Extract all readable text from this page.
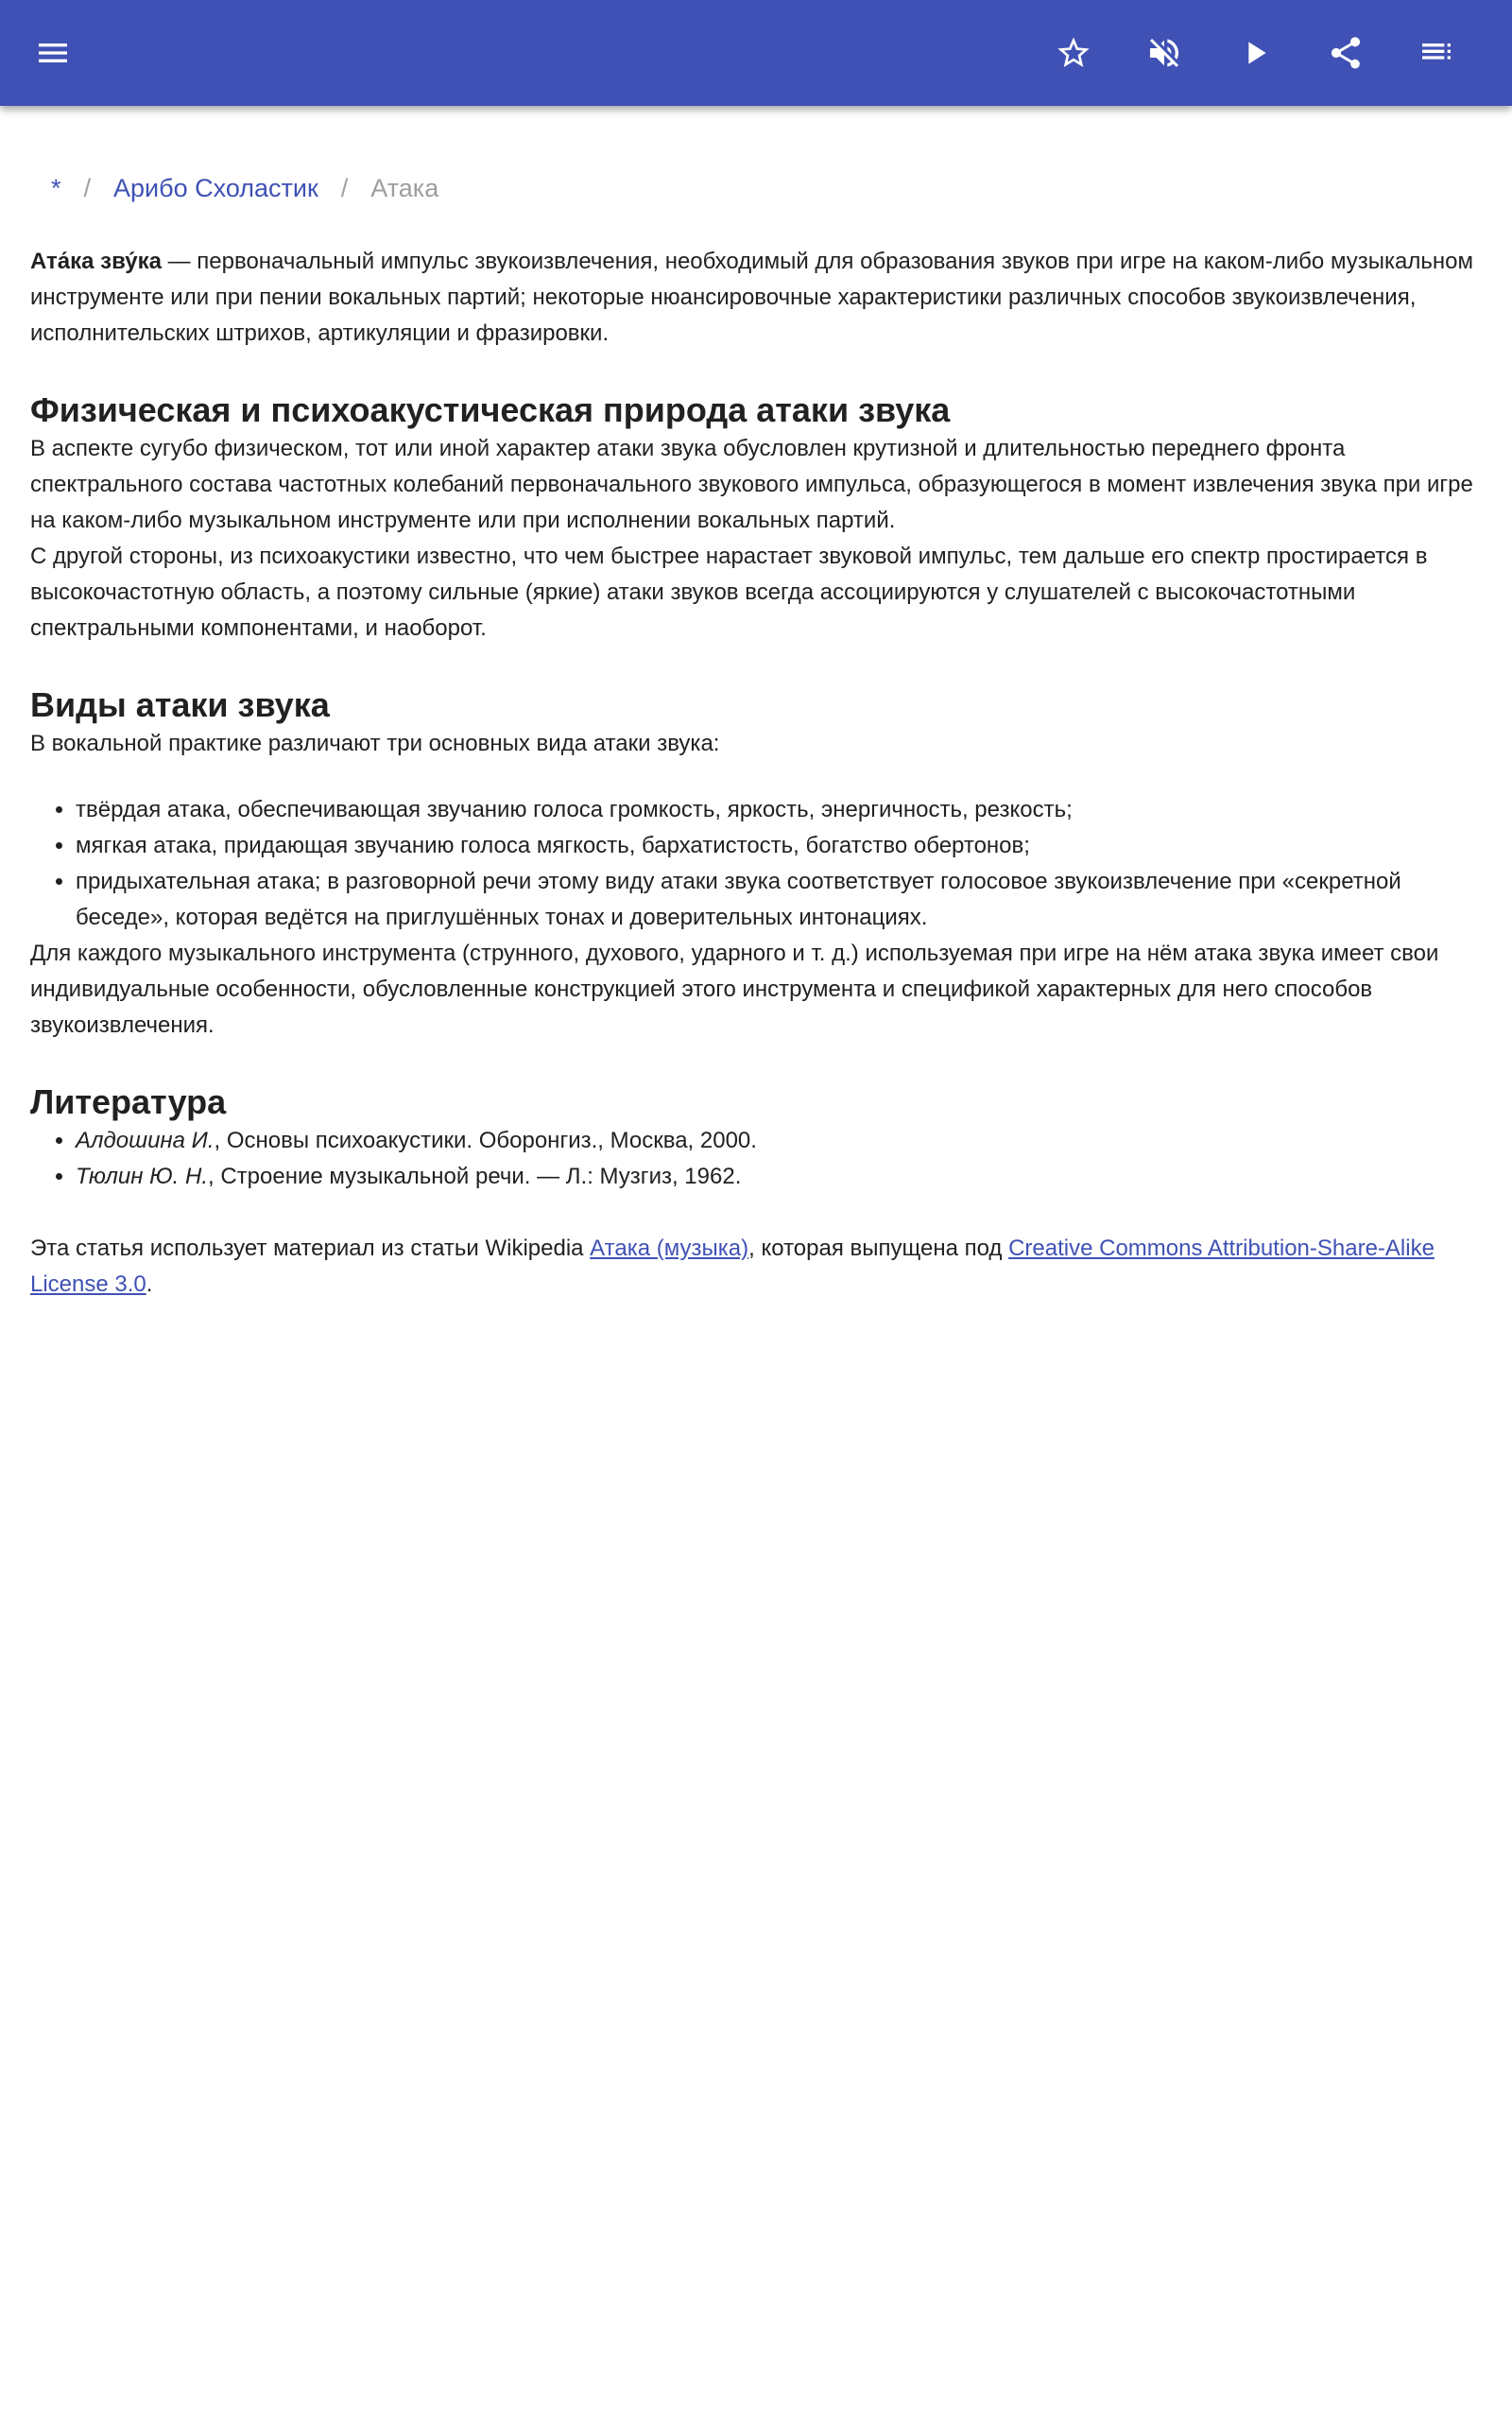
* / Арибо Схоластик / Атака

Ата́ка зву́ка — первоначальный импульс звукоизвлечения, необходимый для образования звуков при игре на каком-либо музыкальном инструменте или при пении вокальных партий; некоторые нюансировочные характеристики различных способов звукоизвлечения, исполнительских штрихов, артикуляции и фразировки.

Физическая и психоакустическая природа атаки звука

В аспекте сугубо физическом, тот или иной характер атаки звука обусловлен крутизной и длительностью переднего фронта спектрального состава частотных колебаний первоначального звукового импульса, образующегося в момент извлечения звука при игре на каком-либо музыкальном инструменте или при исполнении вокальных партий.

С другой стороны, из психоакустики известно, что чем быстрее нарастает звуковой импульс, тем дальше его спектр простирается в высокочастотную область, а поэтому сильные (яркие) атаки звуков всегда ассоциируются у слушателей с высокочастотными спектральными компонентами, и наоборот.

Виды атаки звука

В вокальной практике различают три основных вида атаки звука:

• твёрдая атака, обеспечивающая звучанию голоса громкость, яркость, энергичность, резкость;
• мягкая атака, придающая звучанию голоса мягкость, бархатистость, богатство обертонов;
• придыхательная атака; в разговорной речи этому виду атаки звука соответствует голосовое звукоизвлечение при «секретной беседе», которая ведётся на приглушённых тонах и доверительных интонациях.

Для каждого музыкального инструмента (струнного, духового, ударного и т. д.) используемая при игре на нём атака звука имеет свои индивидуальные особенности, обусловленные конструкцией этого инструмента и спецификой характерных для него способов звукоизвлечения.

Литература
• Алдошина И., Основы психоакустики. Оборонгиз., Москва, 2000.
• Тюлин Ю. Н., Строение музыкальной речи. — Л.: Музгиз, 1962.

Эта статья использует материал из статьи Wikipedia Атака (музыка), которая выпущена под Creative Commons Attribution-Share-Alike License 3.0.
